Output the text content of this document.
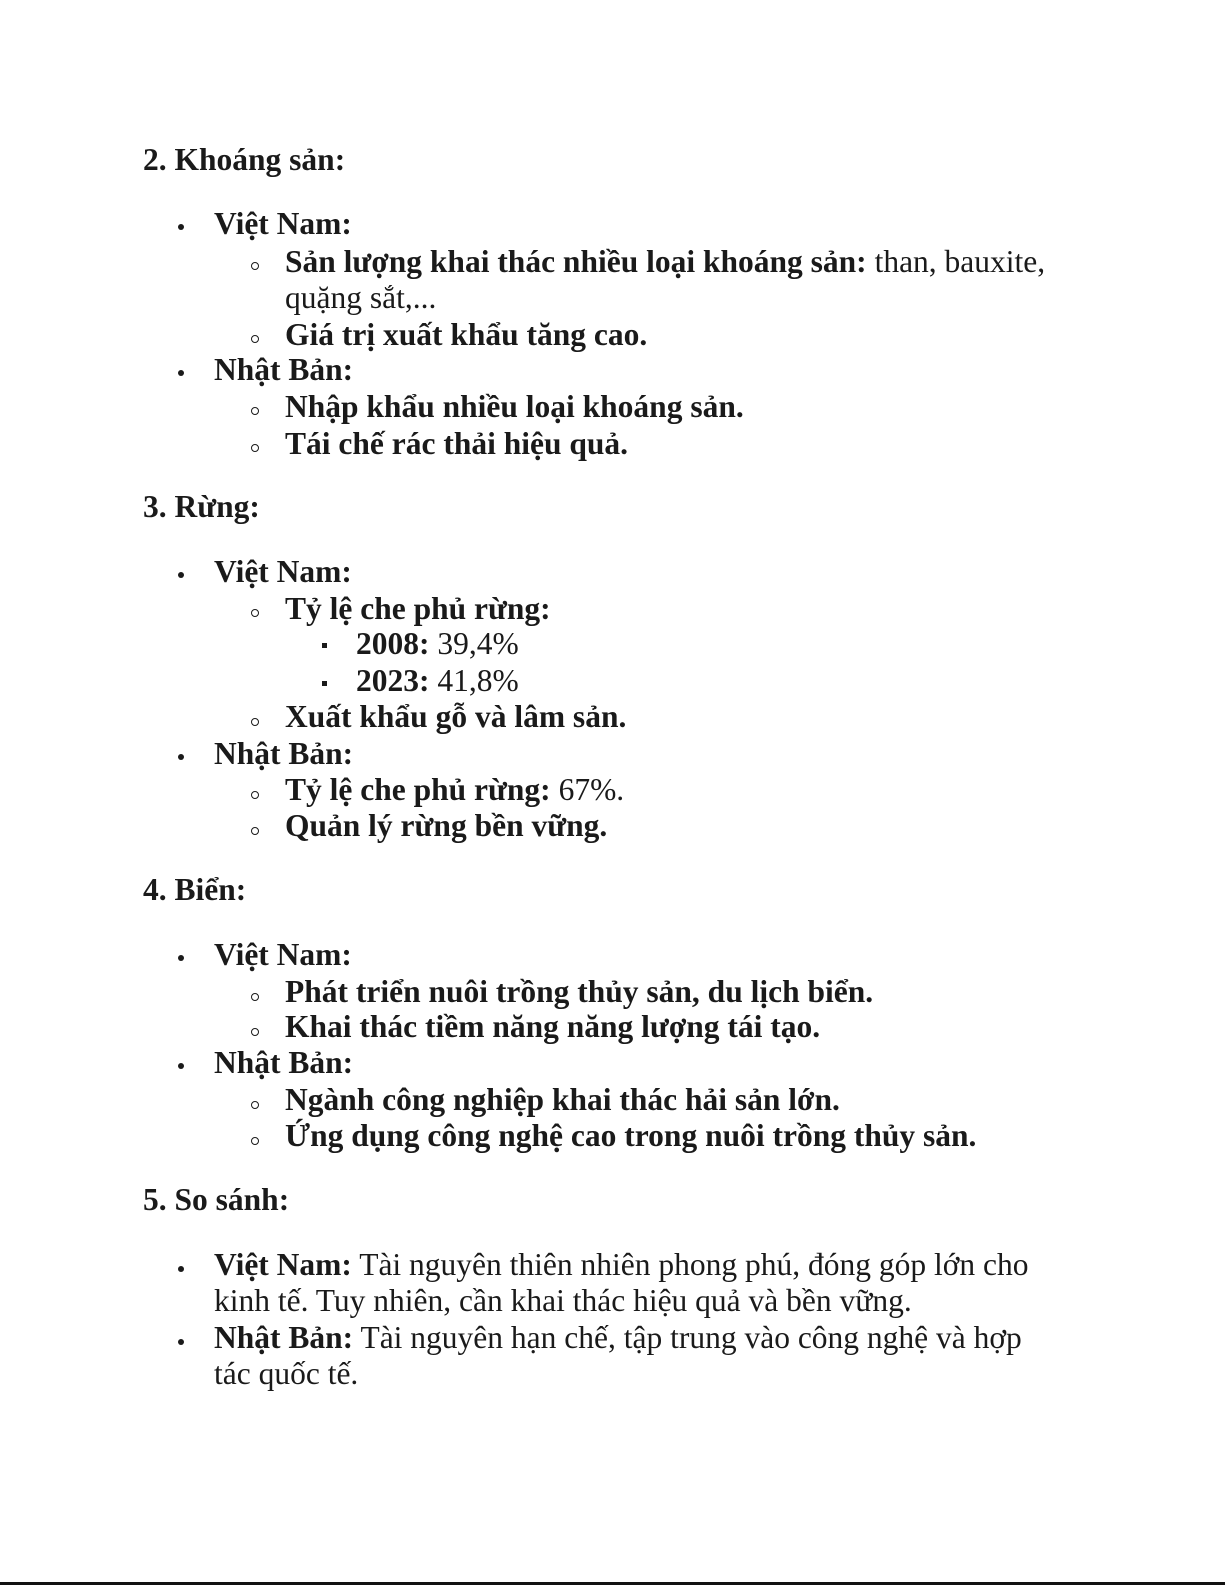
2. Khoáng sản:
Việt Nam:
Sản lượng khai thác nhiều loại khoáng sản: than, bauxite,
quặng sắt,...
Giá trị xuất khẩu tăng cao.
Nhật Bản:
Nhập khẩu nhiều loại khoáng sản.
Tái chế rác thải hiệu quả.
3. Rừng:
Việt Nam:
Tỷ lệ che phủ rừng:
2008: 39,4%
2023: 41,8%
Xuất khẩu gỗ và lâm sản.
Nhật Bản:
Tỷ lệ che phủ rừng: 67%.
Quản lý rừng bền vững.
4. Biển:
Việt Nam:
Phát triển nuôi trồng thủy sản, du lịch biển.
Khai thác tiềm năng năng lượng tái tạo.
Nhật Bản:
Ngành công nghiệp khai thác hải sản lớn.
Ứng dụng công nghệ cao trong nuôi trồng thủy sản.
5. So sánh:
Việt Nam: Tài nguyên thiên nhiên phong phú, đóng góp lớn cho
kinh tế. Tuy nhiên, cần khai thác hiệu quả và bền vững.
Nhật Bản: Tài nguyên hạn chế, tập trung vào công nghệ và hợp
tác quốc tế.
